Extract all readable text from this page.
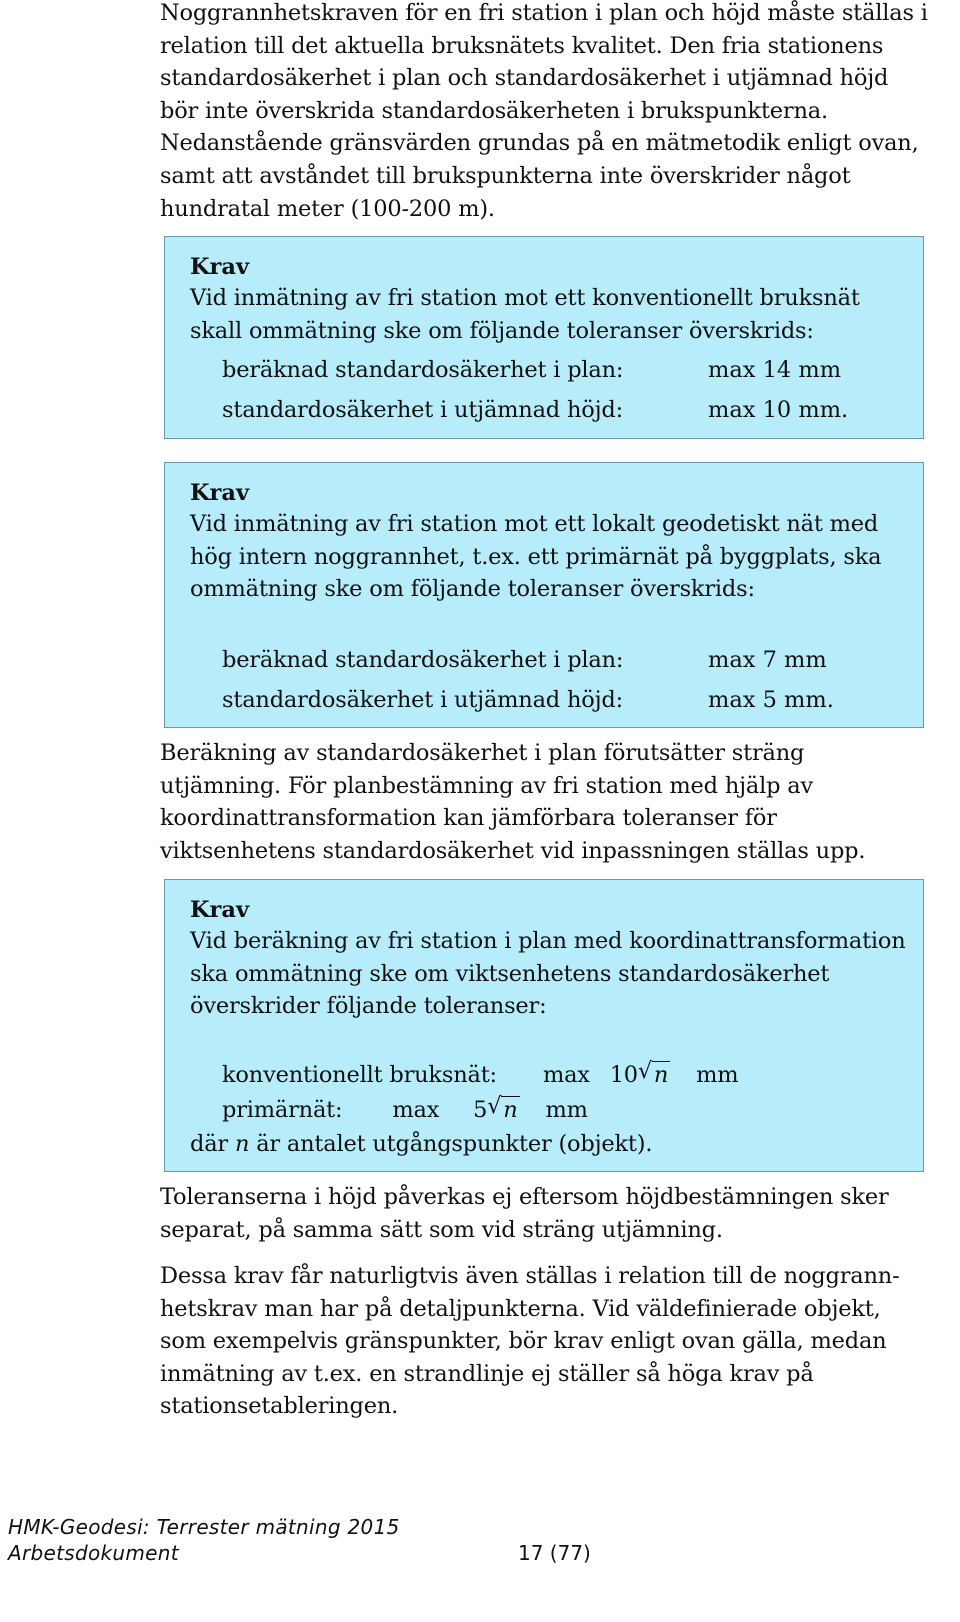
Noggrannhetskraven för en fri station i plan och höjd måste ställas i relation till det aktuella bruksnätets kvalitet. Den fria stationens standardosäkerhet i plan och standardosäkerhet i utjämnad höjd bör inte överskrida standardosäkerheten i brukspunkterna. Nedanstående gränsvärden grundas på en mätmetodik enligt ovan, samt att avståndet till brukspunkterna inte överskrider något hundratal meter (100-200 m).

Krav

Vid inmätning av fri station mot ett konventionellt bruksnät skall ommätning ske om följande toleranser överskrids:

beräknad standardosäkerhet i plan:	max 14 mm
standardosäkerhet i utjämnad höjd:	max 10 mm.
Krav

Vid inmätning av fri station mot ett lokalt geodetiskt nät med hög intern noggrannhet, t.ex. ett primärnät på byggplats, ska ommätning ske om följande toleranser överskrids:

beräknad standardosäkerhet i plan:	max 7 mm
standardosäkerhet i utjämnad höjd:	max 5 mm.

Beräkning av standardosäkerhet i plan förutsätter sträng utjämning. För planbestämning av fri station med hjälp av koordinattransformation kan jämförbara toleranser för viktsenhetens standardosäkerhet vid inpassningen ställas upp.

Krav

Vid beräkning av fri station i plan med koordinattransformation ska ommätning ske om viktsenhetens standardosäkerhet överskrider följande toleranser:

konventionellt bruksnät: max 10 √ n mm
primärnät: max 5 √ n mm
där n är antalet utgångspunkter (objekt).

Toleranserna i höjd påverkas ej eftersom höjdbestämningen sker separat, på samma sätt som vid sträng utjämning.

Dessa krav får naturligtvis även ställas i relation till de noggrann-hetskrav man har på detaljpunkterna. Vid väldefinierade objekt, som exempelvis gränspunkter, bör krav enligt ovan gälla, medan inmätning av t.ex. en strandlinje ej ställer så höga krav på stationsetableringen.

HMK-Geodesi: Terrester mätning 2015
Arbetsdokument	17 (77)
